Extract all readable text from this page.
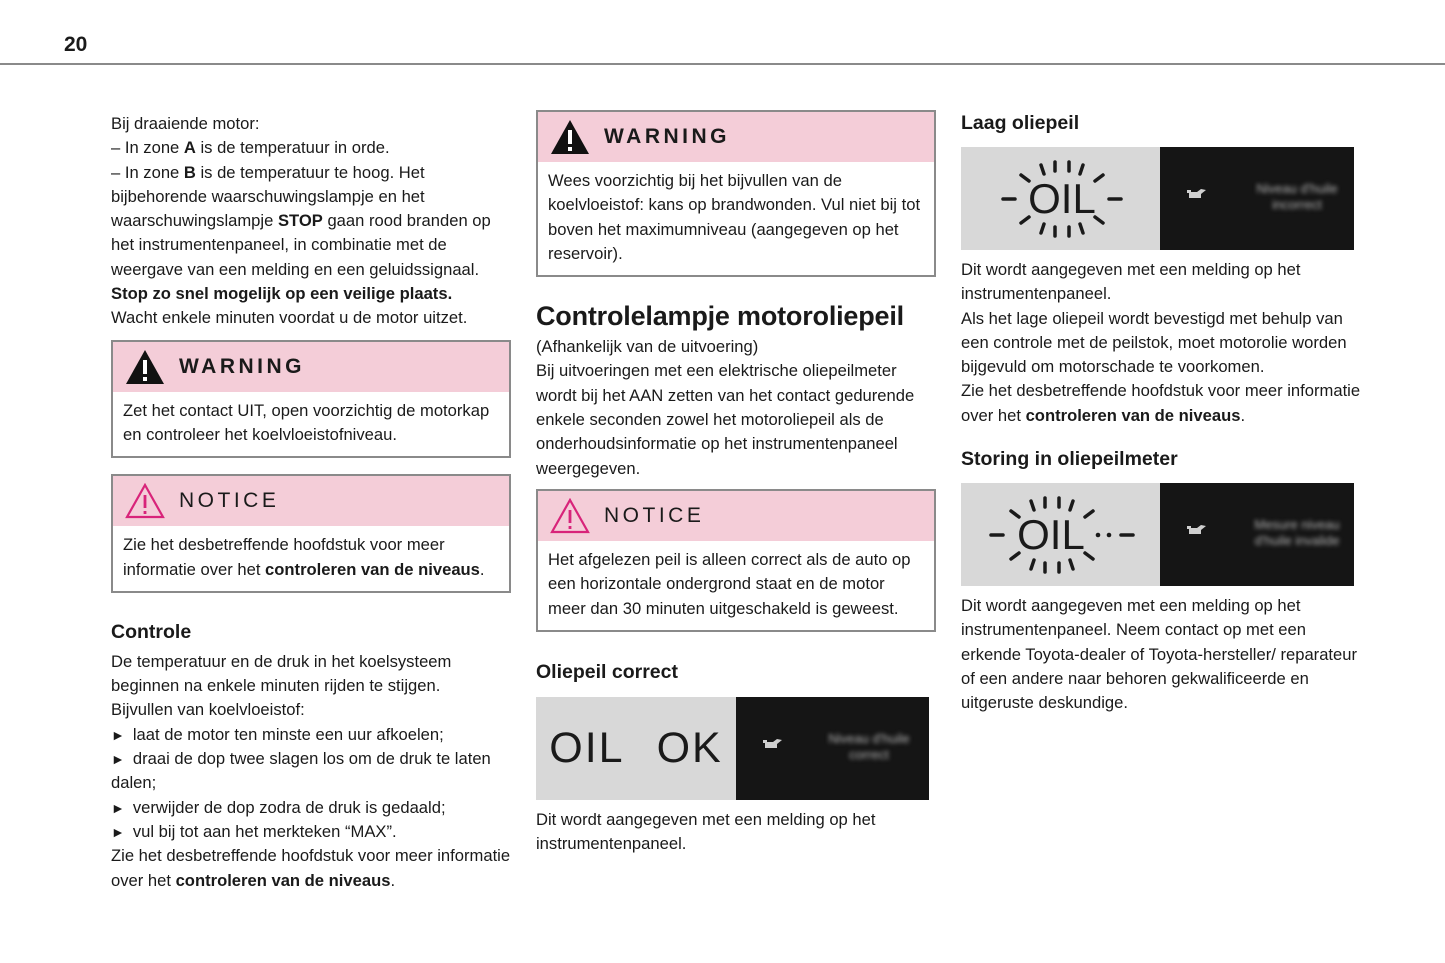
20

Bij draaiende motor:

– In zone A is de temperatuur in orde.

– In zone B is de temperatuur te hoog. Het bijbehorende waarschuwingslampje en het waarschuwingslampje STOP gaan rood branden op het instrumentenpaneel, in combinatie met de weergave van een melding en een geluidssignaal.

Stop zo snel mogelijk op een veilige plaats.

Wacht enkele minuten voordat u de motor uitzet.

WARNING
Zet het contact UIT, open voorzichtig de motorkap en controleer het koelvloeistofniveau.
NOTICE
Zie het desbetreffende hoofdstuk voor meer informatie over het controleren van de niveaus.
Controle

De temperatuur en de druk in het koelsysteem beginnen na enkele minuten rijden te stijgen.

Bijvullen van koelvloeistof:

► laat de motor ten minste een uur afkoelen;

► draai de dop twee slagen los om de druk te laten dalen;

► verwijder de dop zodra de druk is gedaald;

► vul bij tot aan het merkteken “MAX”.

Zie het desbetreffende hoofdstuk voor meer informatie over het controleren van de niveaus.

WARNING
Wees voorzichtig bij het bijvullen van de koelvloeistof: kans op brandwonden. Vul niet bij tot boven het maximumniveau (aangegeven op het reservoir).
Controlelampje motoroliepeil

(Afhankelijk van de uitvoering)

Bij uitvoeringen met een elektrische oliepeilmeter wordt bij het AAN zetten van het contact gedurende enkele seconden zowel het motoroliepeil als de onderhoudsinformatie op het instrumentenpaneel weergegeven.

NOTICE
Het afgelezen peil is alleen correct als de auto op een horizontale ondergrond staat en de motor meer dan 30 minuten uitgeschakeld is geweest.
Oliepeil correct
OIL OK	Niveau d'huile correct

Dit wordt aangegeven met een melding op het instrumentenpaneel.

Laag oliepeil
OIL	Niveau d'huile incorrect

Dit wordt aangegeven met een melding op het instrumentenpaneel.

Als het lage oliepeil wordt bevestigd met behulp van een controle met de peilstok, moet motorolie worden bijgevuld om motorschade te voorkomen.

Zie het desbetreffende hoofdstuk voor meer informatie over het controleren van de niveaus.

Storing in oliepeilmeter
OIL	Mesure niveau d'huile invalide

Dit wordt aangegeven met een melding op het instrumentenpaneel. Neem contact op met een erkende Toyota-dealer of Toyota-hersteller/ reparateur of een andere naar behoren gekwalificeerde en uitgeruste deskundige.
